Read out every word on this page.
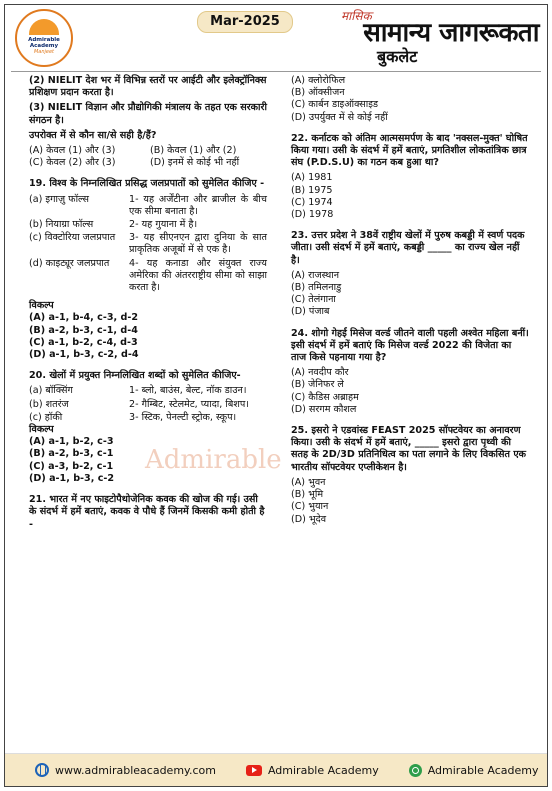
Admirable Academy
Manjeet
Mar-2025	मासिक
सामान्य जागरूकता
बुकलेट
Admirable
(2) NIELIT देश भर में विभिन्न स्तरों पर आईटी और इलेक्ट्रॉनिक्स प्रशिक्षण प्रदान करता है।
(3) NIELIT विज्ञान और प्रौद्योगिकी मंत्रालय के तहत एक सरकारी संगठन है।
उपरोक्त में से कौन सा/से सही है/हैं?
(A) केवल (1) और (3)	(B) केवल (1) और (2)
(C) केवल (2) और (3)	(D) इनमें से कोई भी नहीं
19. विश्व के निम्नलिखित प्रसिद्ध जलप्रपातों को सुमेलित कीजिए -
(a) इगाज़ु फॉल्स	1- यह अर्जेंटीना और ब्राजील के बीच एक सीमा बनाता है।
(b) नियाग्रा फॉल्स	2- यह गुयाना में है।
(c) विक्टोरिया जलप्रपात	3- यह सीएनएन द्वारा दुनिया के सात प्राकृतिक अजूबों में से एक है।
(d) काइट्यूर जलप्रपात	4- यह कनाडा और संयुक्त राज्य अमेरिका की अंतरराष्ट्रीय सीमा को साझा करता है।
विकल्प
(A) a-1, b-4, c-3, d-2
(B) a-2, b-3, c-1, d-4
(C) a-1, b-2, c-4, d-3
(D) a-1, b-3, c-2, d-4
20. खेलों में प्रयुक्त निम्नलिखित शब्दों को सुमेलित कीजिए-
(a) बॉक्सिंग	1- ब्लो, बाउंस, बेल्ट, नॉक डाउन।
(b) शतरंज	2- गैम्बिट, स्टेलमेट, प्यादा, बिशप।
(c) हॉकी	3- स्टिक, पेनल्टी स्ट्रोक, स्कूप।
विकल्प
(A) a-1, b-2, c-3
(B) a-2, b-3, c-1
(C) a-3, b-2, c-1
(D) a-1, b-3, c-2
21. भारत में नए फाइटोपैथोजेनिक कवक की खोज की गई। उसी के संदर्भ में हमें बताएं, कवक वे पौधे हैं जिनमें किसकी कमी होती है -
(A) क्लोरोफिल
(B) ऑक्सीजन
(C) कार्बन डाइऑक्साइड
(D) उपर्युक्त में से कोई नहीं
22. कर्नाटक को अंतिम आत्मसमर्पण के बाद 'नक्सल-मुक्त' घोषित किया गया। उसी के संदर्भ में हमें बताएं, प्रगतिशील लोकतांत्रिक छात्र संघ (P.D.S.U) का गठन कब हुआ था?
(A) 1981
(B) 1975
(C) 1974
(D) 1978
23. उत्तर प्रदेश ने 38वें राष्ट्रीय खेलों में पुरुष कबड्डी में स्वर्ण पदक जीता। उसी संदर्भ में हमें बताएं, कबड्डी _____ का राज्य खेल नहीं है।
(A) राजस्थान
(B) तमिलनाडु
(C) तेलंगाना
(D) पंजाब
24. शोगो गेहर्ई मिसेज वर्ल्ड जीतने वाली पहली अश्वेत महिला बनीं। इसी संदर्भ में हमें बताएं कि मिसेज वर्ल्ड 2022 की विजेता का ताज किसे पहनाया गया है?
(A) नवदीप कौर
(B) जेनिफर ले
(C) कैडिस अब्राहम
(D) सरगम कौशल
25. इसरो ने एडवांस्ड FEAST 2025 सॉफ्टवेयर का अनावरण किया। उसी के संदर्भ में हमें बताएं, _____ इसरो द्वारा पृथ्वी की सतह के 2D/3D प्रतिनिधित्व का पता लगाने के लिए विकसित एक भारतीय सॉफ्टवेयर एप्लीकेशन है।
(A) भुवन
(B) भूमि
(C) भुयान
(D) भूदेव
www.admirableacademy.com	Admirable Academy	Admirable Academy
